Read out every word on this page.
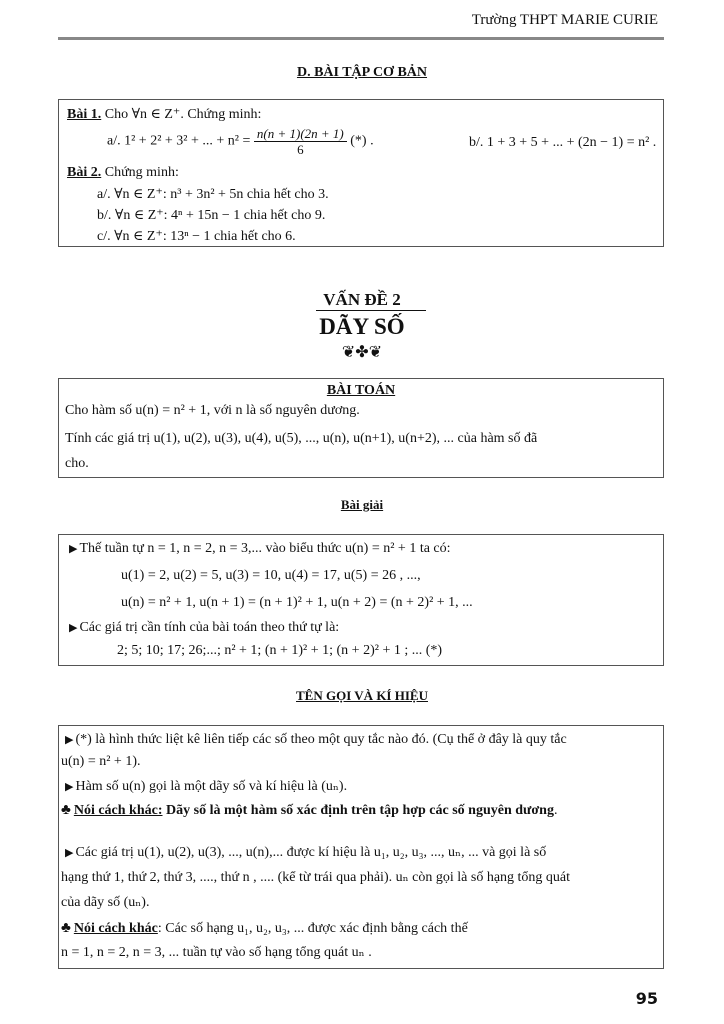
Trường THPT MARIE CURIE
D. BÀI TẬP CƠ BẢN
Bài 1. Cho ∀n ∈ Z⁺. Chứng minh:
a/. 1² + 2² + 3² + ... + $n^2 = \frac{n(n + 1)(2n + 1)}{6}$ (*) .	b/. 1 + 3 + 5 + ... + (2n − 1) = n² .
Bài 2. Chứng minh:
a/. ∀n ∈ Z⁺: n³ + 3n² + 5n chia hết cho 3.
b/. ∀n ∈ Z⁺: 4ⁿ + 15n − 1 chia hết cho 9.
c/. ∀n ∈ Z⁺: 13ⁿ − 1 chia hết cho 6.
VẤN ĐỀ 2
DÃY SỐ
❦✤❦
BÀI TOÁN
Cho hàm số u(n) = n² + 1, với n là số nguyên dương.
Tính các giá trị u(1), u(2), u(3), u(4), u(5), ..., u(n), u(n+1), u(n+2), ... của hàm số đã
cho.
Bài giải
▶ Thế tuần tự n = 1, n = 2, n = 3,... vào biểu thức u(n) = n² + 1 ta có:
u(1) = 2, u(2) = 5, u(3) = 10, u(4) = 17, u(5) = 26 , ...,
u(n) = n² + 1, u(n + 1) = (n + 1)² + 1, u(n + 2) = (n + 2)² + 1, ...
▶ Các giá trị cần tính của bài toán theo thứ tự là:
2; 5; 10; 17; 26;...; n² + 1; (n + 1)² + 1; (n + 2)² + 1 ; ... (*)
TÊN GỌI VÀ KÍ HIỆU
▶ (*) là hình thức liệt kê liên tiếp các số theo một quy tắc nào đó. (Cụ thể ở đây là quy tắc
u(n) = n² + 1).
▶ Hàm số u(n) gọi là một dãy số và kí hiệu là (uₙ).
♣ Nói cách khác: Dãy số là một hàm số xác định trên tập hợp các số nguyên dương.
▶ Các giá trị u(1), u(2), u(3), ..., u(n),... được kí hiệu là u₁, u₂, u₃, ..., uₙ, ... và gọi là số
hạng thứ 1, thứ 2, thứ 3, ...., thứ n , .... (kể từ trái qua phải). uₙ còn gọi là số hạng tổng quát
của dãy số (uₙ).
♣ Nói cách khác: Các số hạng u₁, u₂, u₃, ... được xác định bằng cách thế
n = 1, n = 2, n = 3, ... tuần tự vào số hạng tổng quát uₙ .
95
